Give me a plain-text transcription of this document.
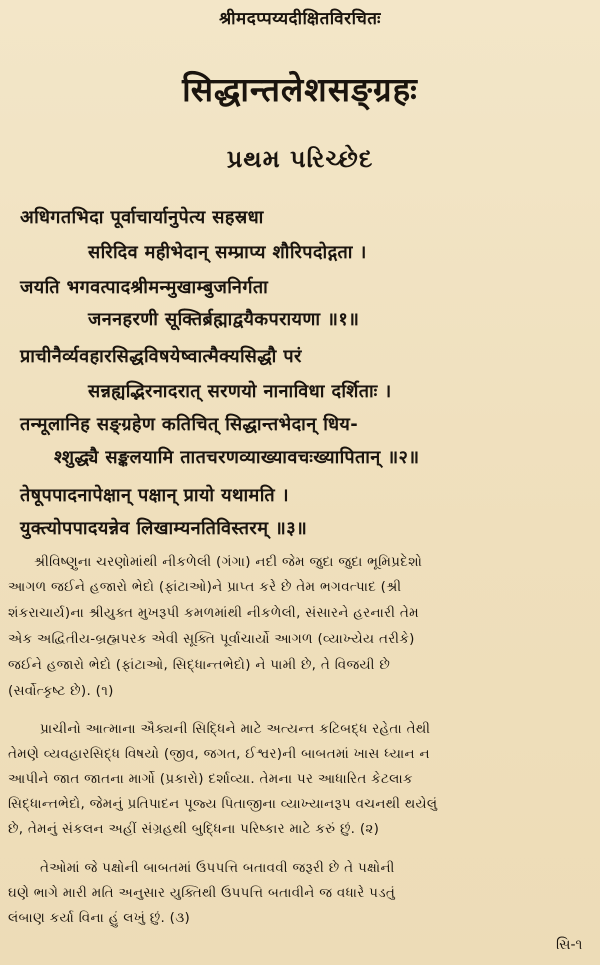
श्रीमदप्पय्यदीक्षितविरचितः
सिद्धान्तलेशसङ्ग्रहः
પ્રથમ પરિચ્છેદ
अधिगतभिदा पूर्वाचार्यानुपेत्य सहस्रधा
सरिदिव महीभेदान् सम्प्राप्य शौरिपदोद्गता ।
जयति भगवत्पादश्रीमन्मुखाम्बुजनिर्गता
जननहरणी सूक्तिर्ब्रह्माद्वयैकपरायणा ॥१॥
प्राचीनैर्व्यवहारसिद्धविषयेष्वात्मैक्यसिद्धौ परं
सन्नह्यद्भिरनादरात् सरणयो नानाविधा दर्शिताः ।
तन्मूलानिह सङ्ग्रहेण कतिचित् सिद्धान्तभेदान् धिय-
श्शुद्ध्यै सङ्कलयामि तातचरणव्याख्यावचःख्यापितान् ॥२॥
तेषूपपादनापेक्षान् पक्षान् प्रायो यथामति ।
युक्त्योपपादयन्नेव लिखाम्यनतिविस्तरम् ॥३॥
શ્રીવિષ્ણુના ચરણોમાંથી નીકળેલી (ગંગા) નદી જેમ જુદા જુદા ભૂમિપ્રદેશો
આગળ જઈને હજારો ભેદો (ફાંટાઓ)ને પ્રાપ્ત કરે છે તેમ ભગવત્પાદ (શ્રી
શંકરાચાર્ય)ના શ્રીયુક્ત મુખરૂપી કમળમાંથી નીકળેલી, સંસારને હરનારી તેમ
એક અદ્વિતીય-બ્રહ્મપરક એવી સૂક્તિ પૂર્વાચાર્યો આગળ (વ્યાખ્યેય તરીકે)
જઈને હજારો ભેદો (ફાંટાઓ, સિદ્ધાન્તભેદો) ને પામી છે, તે વિજયી છે
(સર્વોત્કૃષ્ટ છે). (૧)
પ્રાચીનો આત્માના ઐક્યની સિદ્ધિને માટે અત્યન્ત કટિબદ્ધ રહેતા તેથી
તેમણે વ્યવહારસિદ્ધ વિષયો (જીવ, જગત, ઈશ્વર)ની બાબતમાં ખાસ ધ્યાન ન
આપીને જાત જાતના માર્ગો (પ્રકારો) દર્શાવ્યા. તેમના પર આધારિત કેટલાક
સિદ્ધાન્તભેદો, જેમનું પ્રતિપાદન પૂજ્ય પિતાજીના વ્યાખ્યાનરૂપ વચનથી થયેલું
છે, તેમનું સંકલન અહીં સંગ્રહથી બુદ્ધિના પરિષ્કાર માટે કરું છું. (૨)
તેઓમાં જે પક્ષોની બાબતમાં ઉપપત્તિ બતાવવી જરૂરી છે તે પક્ષોની
ઘણે ભાગે મારી મતિ અનુસાર યુક્તિથી ઉપપત્તિ બતાવીને જ વધારે પડતું
લંબાણ કર્યા વિના હું લખું છું. (૩)
સિ-૧
